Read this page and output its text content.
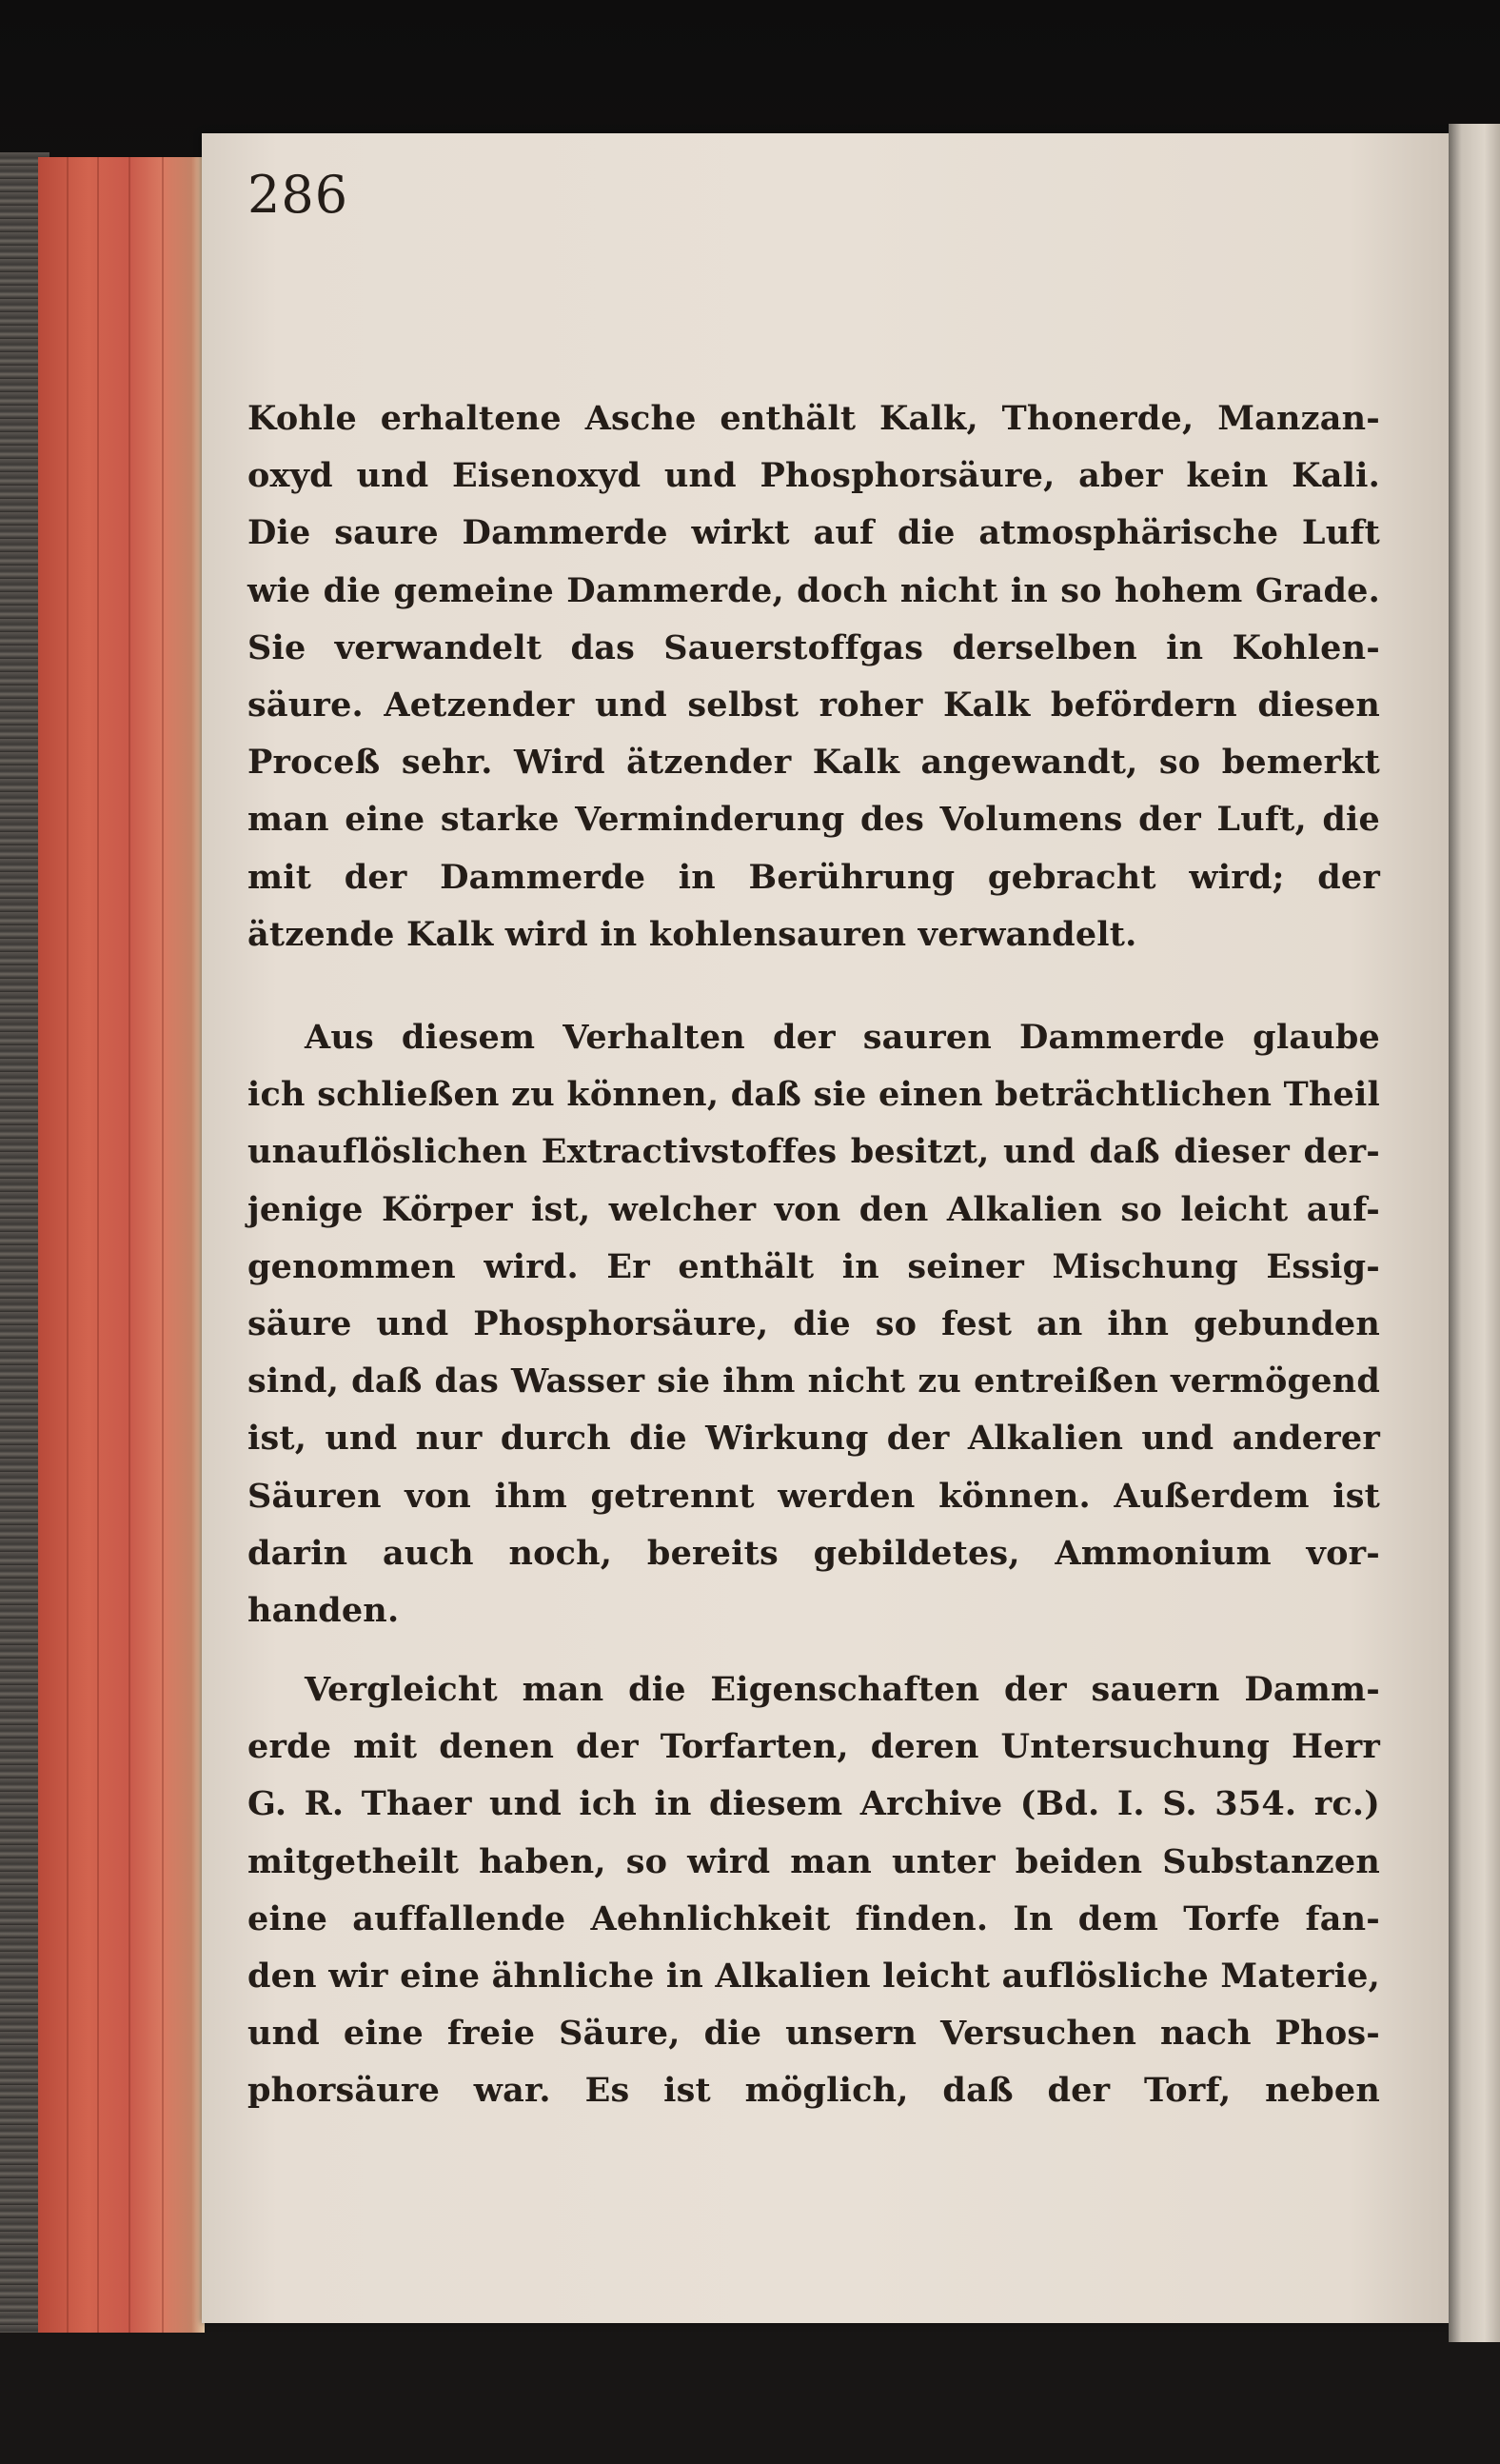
286
Kohle erhaltene Asche enthält Kalk, Thonerde, Manzan-
oxyd und Eisenoxyd und Phosphorsäure, aber kein Kali.
Die saure Dammerde wirkt auf die atmosphärische Luft
wie die gemeine Dammerde, doch nicht in so hohem Grade.
Sie verwandelt das Sauerstoffgas derselben in Kohlen-
säure. Aetzender und selbst roher Kalk befördern diesen
Proceß sehr. Wird ätzender Kalk angewandt, so bemerkt
man eine starke Verminderung des Volumens der Luft, die
mit der Dammerde in Berührung gebracht wird; der
ätzende Kalk wird in kohlensauren verwandelt.
Aus diesem Verhalten der sauren Dammerde glaube
ich schließen zu können, daß sie einen beträchtlichen Theil
unauflöslichen Extractivstoffes besitzt, und daß dieser der-
jenige Körper ist, welcher von den Alkalien so leicht auf-
genommen wird. Er enthält in seiner Mischung Essig-
säure und Phosphorsäure, die so fest an ihn gebunden
sind, daß das Wasser sie ihm nicht zu entreißen vermögend
ist, und nur durch die Wirkung der Alkalien und anderer
Säuren von ihm getrennt werden können. Außerdem ist
darin auch noch, bereits gebildetes, Ammonium vor-
handen.
Vergleicht man die Eigenschaften der sauern Damm-
erde mit denen der Torfarten, deren Untersuchung Herr
G. R. Thaer und ich in diesem Archive (Bd. I. S. 354. rc.)
mitgetheilt haben, so wird man unter beiden Substanzen
eine auffallende Aehnlichkeit finden. In dem Torfe fan-
den wir eine ähnliche in Alkalien leicht auflösliche Materie,
und eine freie Säure, die unsern Versuchen nach Phos-
phorsäure war. Es ist möglich, daß der Torf, neben
